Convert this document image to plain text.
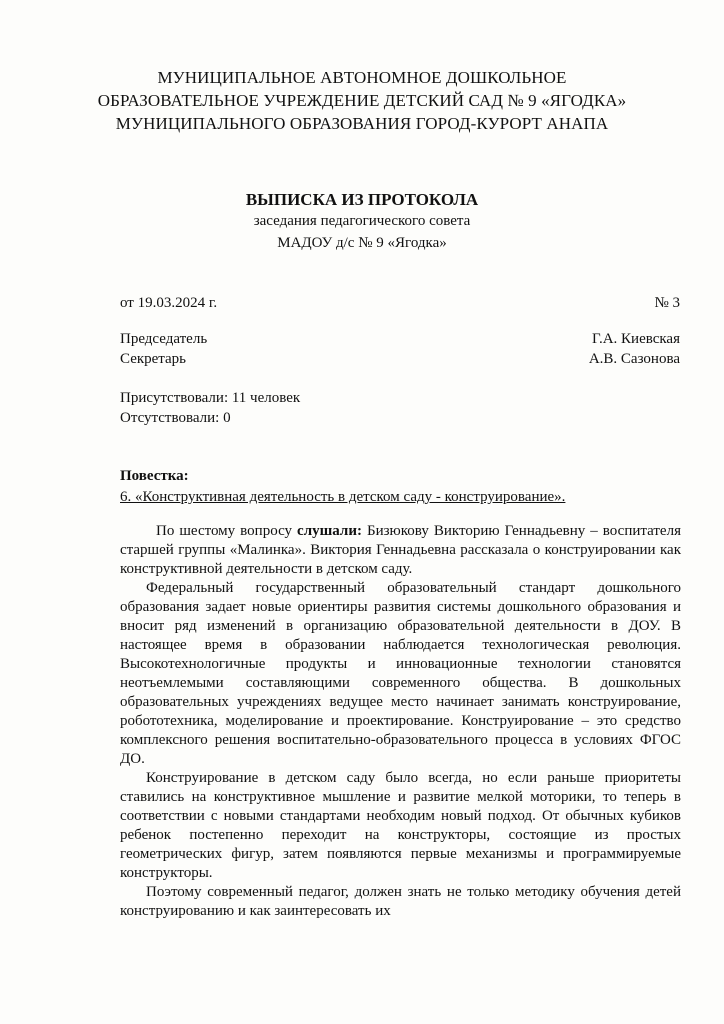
МУНИЦИПАЛЬНОЕ АВТОНОМНОЕ ДОШКОЛЬНОЕ
ОБРАЗОВАТЕЛЬНОЕ УЧРЕЖДЕНИЕ ДЕТСКИЙ САД № 9 «ЯГОДКА»
МУНИЦИПАЛЬНОГО ОБРАЗОВАНИЯ ГОРОД-КУРОРТ АНАПА
ВЫПИСКА ИЗ ПРОТОКОЛА
заседания педагогического совета
МАДОУ д/с № 9 «Ягодка»
от 19.03.2024 г.	№ 3
Председатель	Г.А. Киевская
Секретарь	А.В. Сазонова
Присутствовали: 11 человек
Отсутствовали: 0
Повестка:
6. «Конструктивная деятельность в детском саду - конструирование».

По шестому вопросу слушали: Бизюкову Викторию Геннадьевну – воспитателя старшей группы «Малинка». Виктория Геннадьевна рассказала о конструировании как конструктивной деятельности в детском саду.

Федеральный государственный образовательный стандарт дошкольного образования задает новые ориентиры развития системы дошкольного образования и вносит ряд изменений в организацию образовательной деятельности в ДОУ. В настоящее время в образовании наблюдается технологическая революция. Высокотехнологичные продукты и инновационные технологии становятся неотъемлемыми составляющими современного общества. В дошкольных образовательных учреждениях ведущее место начинает занимать конструирование, робототехника, моделирование и проектирование. Конструирование – это средство комплексного решения воспитательно-образовательного процесса в условиях ФГОС ДО.

Конструирование в детском саду было всегда, но если раньше приоритеты ставились на конструктивное мышление и развитие мелкой моторики, то теперь в соответствии с новыми стандартами необходим новый подход. От обычных кубиков ребенок постепенно переходит на конструкторы, состоящие из простых геометрических фигур, затем появляются первые механизмы и программируемые конструкторы.

Поэтому современный педагог, должен знать не только методику обучения детей конструированию и как заинтересовать их
